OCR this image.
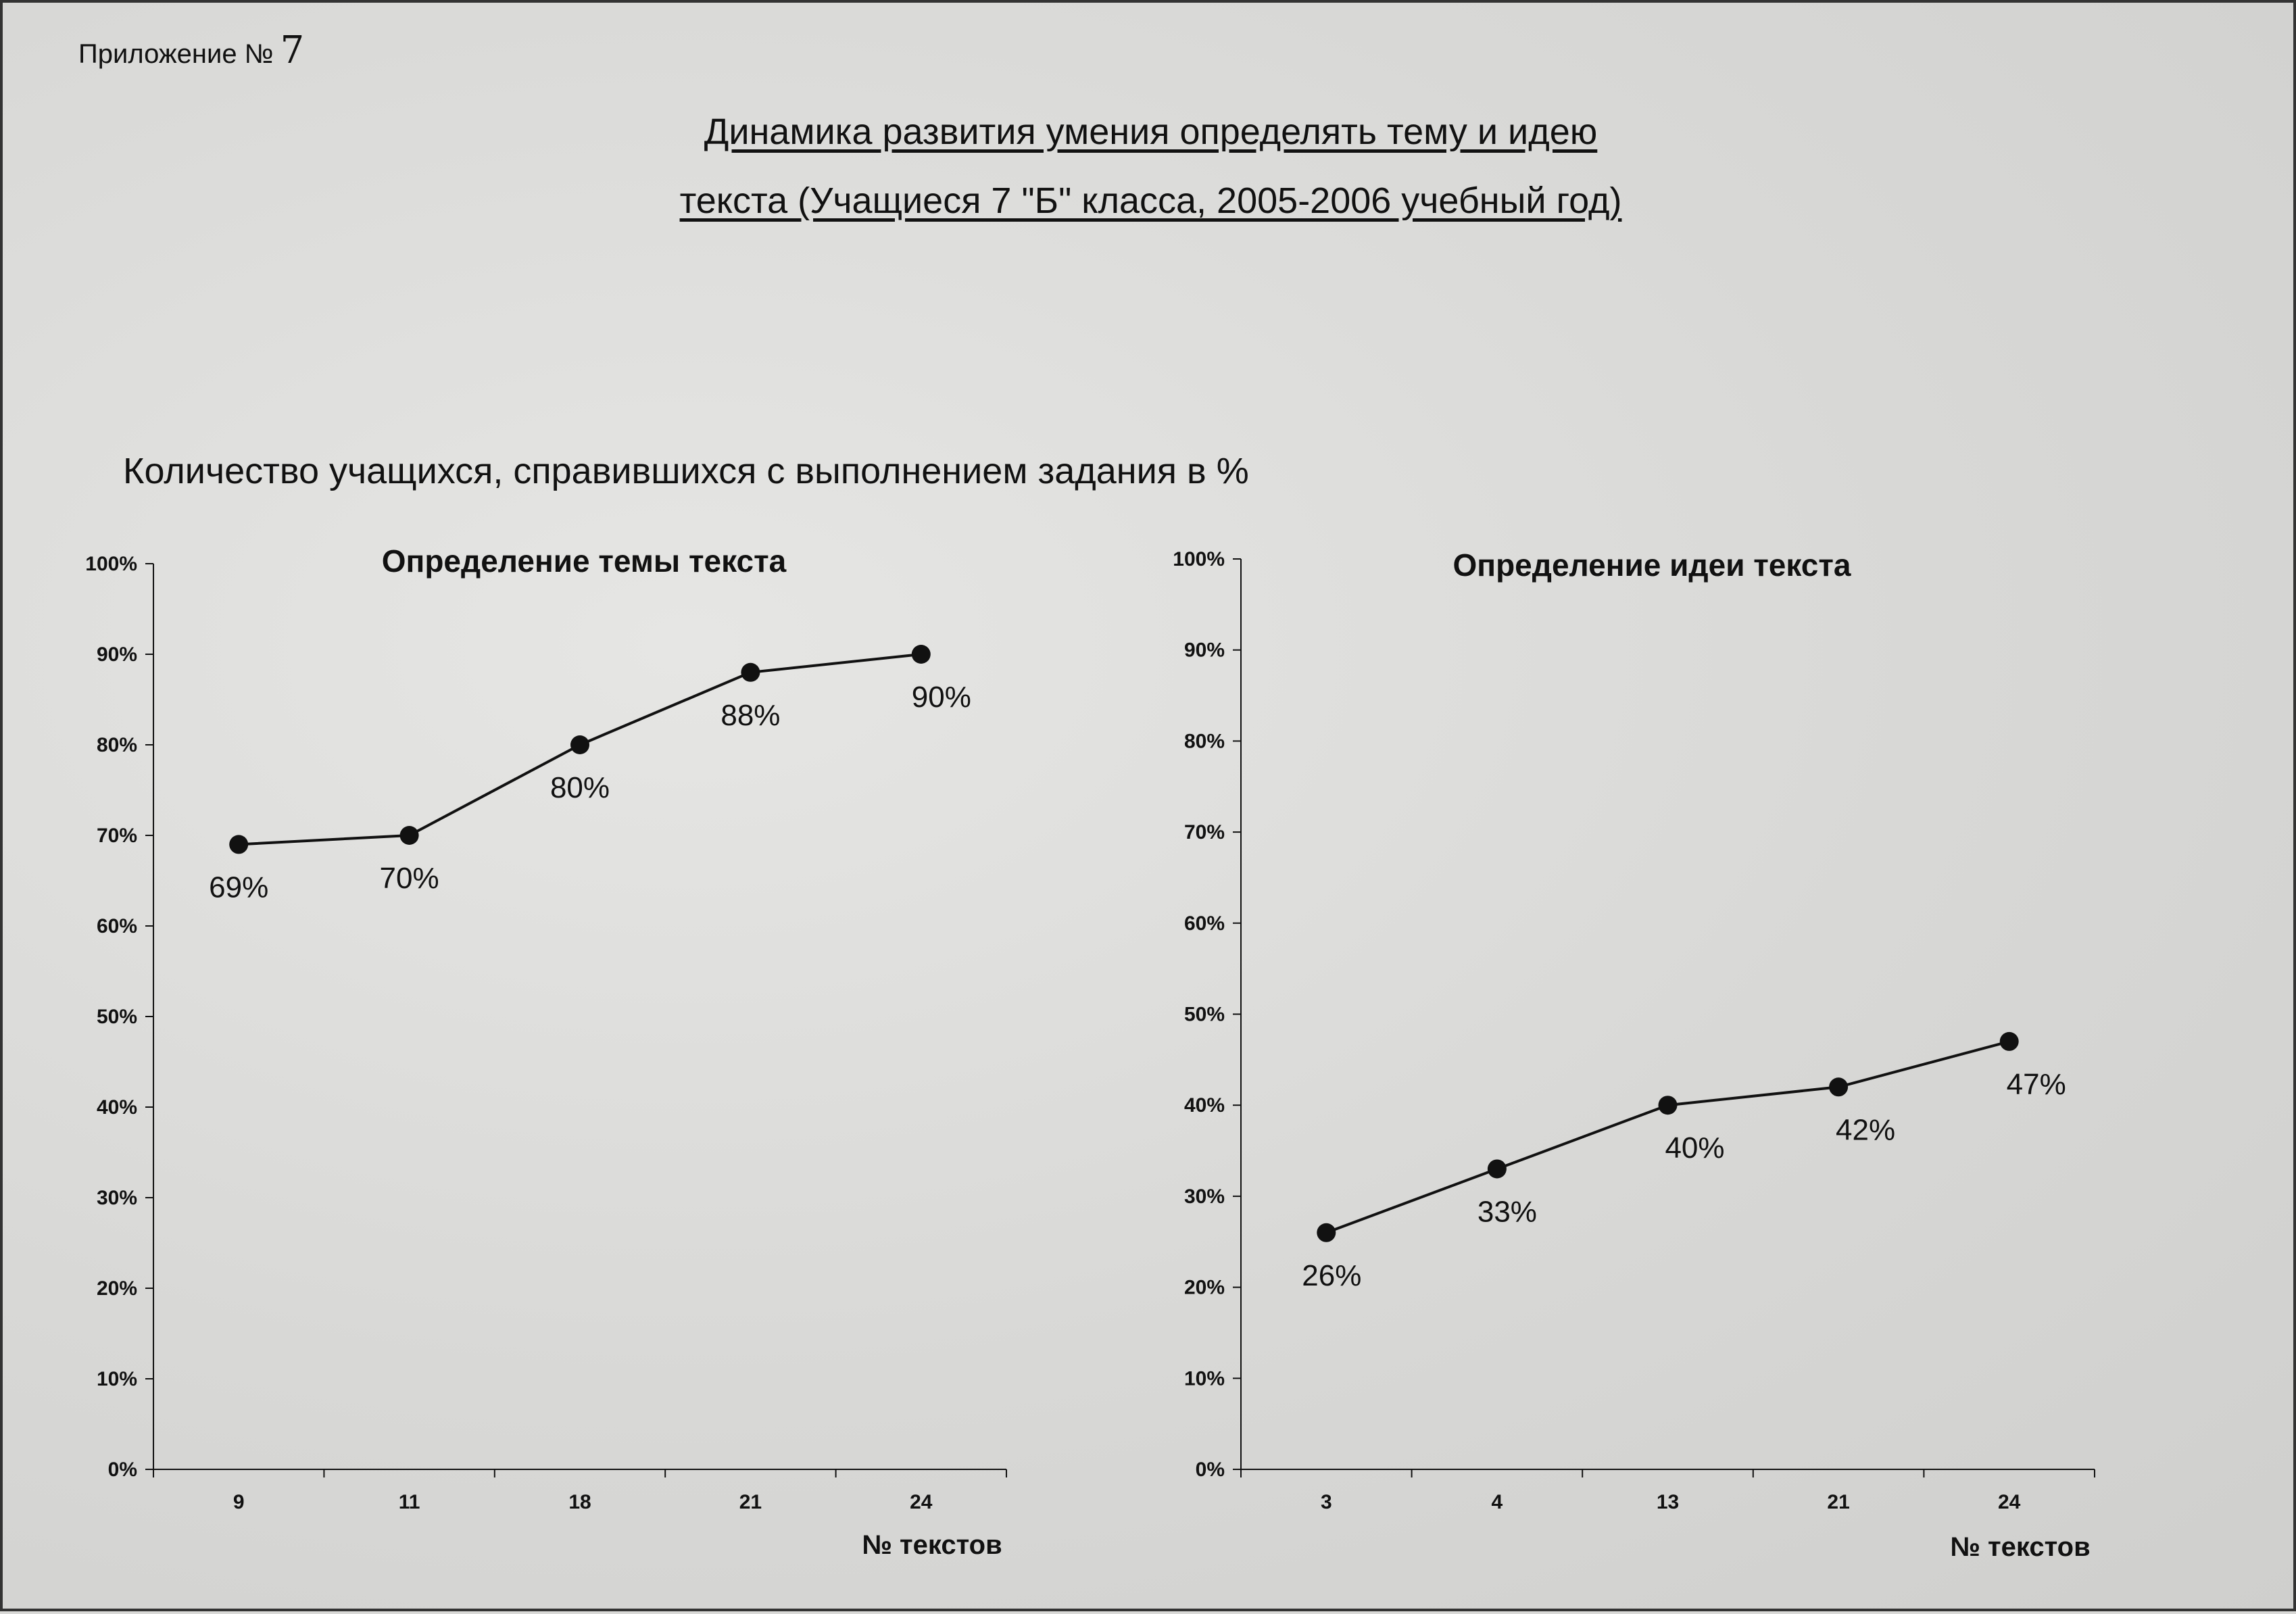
Приложение № 7
Динамика развития умения определять тему и идею
текста (Учащиеся 7 "Б" класса, 2005-2006 учебный год)
Количество учащихся, справившихся с выполнением задания в %
Определение темы текста
0%
10%
20%
30%
40%
50%
60%
70%
80%
90%
100%
9	11	18	21	24
№ текстов
69%	70%
80%
88%
90%
Определение идеи текста
0%
10%
20%
30%
40%
50%
60%
70%
80%
90%
100%
3	4	13	21	24
№ текстов
26%
33%
40%
42%
47%
